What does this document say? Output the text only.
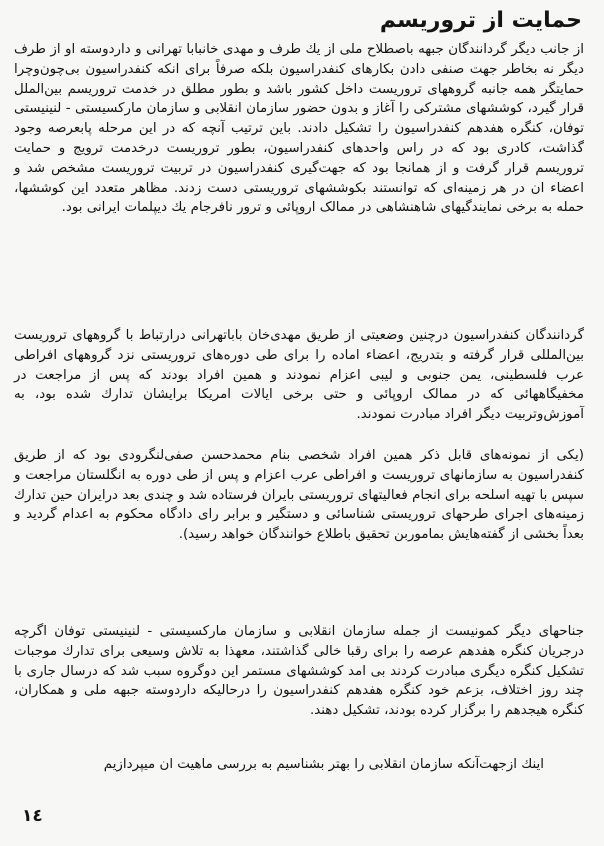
حمایت از تروریسم

از جانب دیگر گردانندگان جبهه باصطلاح ملی از یك طرف و مهدی خانبابا تهرانی و داردوسته او از طرف دیگر نه بخاطر جهت صنفی دادن بکارهای کنفدراسیون بلکه صرفاً برای انکه کنفدراسیون بی‌چون‌وچرا حمایتگر همه جانبه گروههای تروریست داخل کشور باشد و بطور مطلق در خدمت تروریسم بین‌الملل قرار گیرد، کوششهای مشترکی را آغاز و بدون حضور سازمان انقلابی و سازمان مارکسیستی - لنینیستی توفان، کنگره هفدهم کنفدراسیون را تشکیل دادند. باین ترتیب آنچه که در این مرحله پابعرصه وجود گذاشت، کادری بود که در راس واحدهای کنفدراسیون، بطور تروریست درخدمت ترویج و حمایت تروریسم قرار گرفت و از همانجا بود که جهت‌گیری کنفدراسیون در تربیت تروریست مشخص شد و اعضاء ان در هر زمینه‌ای که توانستند بکوششهای تروریستی دست زدند. مظاهر متعدد این کوششها، حمله به برخی نمایندگیهای شاهنشاهی در ممالک اروپائی و ترور نافرجام یك دیپلمات ایرانی بود.

گردانندگان کنفدراسیون درچنین وضعیتی از طریق مهدی‌خان باباتهرانی درارتباط با گروههای تروریست بین‌المللی قرار گرفته و بتدریج، اعضاء اماده را برای طی دوره‌های تروریستی نزد گروههای افراطی عرب فلسطینی، یمن جنوبی و لیبی اعزام نمودند و همین افراد بودند که پس از مراجعت در مخفیگاههائی که در ممالک اروپائی و حتی برخی ایالات امریکا برایشان تدارك شده بود، به آموزش‌وتربیت دیگر افراد مبادرت نمودند.

(یکی از نمونه‌های قابل ذکر همین افراد شخصی بنام محمدحسن صفی‌لنگرودی بود که از طریق کنفدراسیون به سازمانهای تروریست و افراطی عرب اعزام و پس از طی دوره به انگلستان مراجعت و سپس با تهیه اسلحه برای انجام فعالیتهای تروریستی بایران فرستاده شد و چندی بعد درایران حین تدارك زمینه‌های اجرای طرحهای تروریستی شناسائی و دستگیر و برابر رای دادگاه محکوم به اعدام گردید و بعداً بخشی از گفته‌هایش بماموربن تحقیق باطلاع خوانندگان خواهد رسید).

جناحهای دیگر کمونیست از جمله سازمان انقلابی و سازمان مارکسیستی - لنینیستی توفان اگرچه درجریان کنگره هفدهم عرصه را برای رقبا خالی گذاشتند، معهذا به تلاش وسیعی برای تدارك موجبات تشکیل کنگره دیگری مبادرت کردند بی امد کوششهای مستمر این دوگروه سبب شد که درسال جاری با چند روز اختلاف، بزعم خود کنگره هفدهم کنفدراسیون را درحالیکه داردوسته جبهه ملی و همکاران، کنگره هیجدهم را برگزار کرده بودند، تشکیل دهند.

اینك ازجهت‌آنکه سازمان انقلابی را بهتر بشناسیم به بررسی ماهیت ان میپردازیم

١٤
